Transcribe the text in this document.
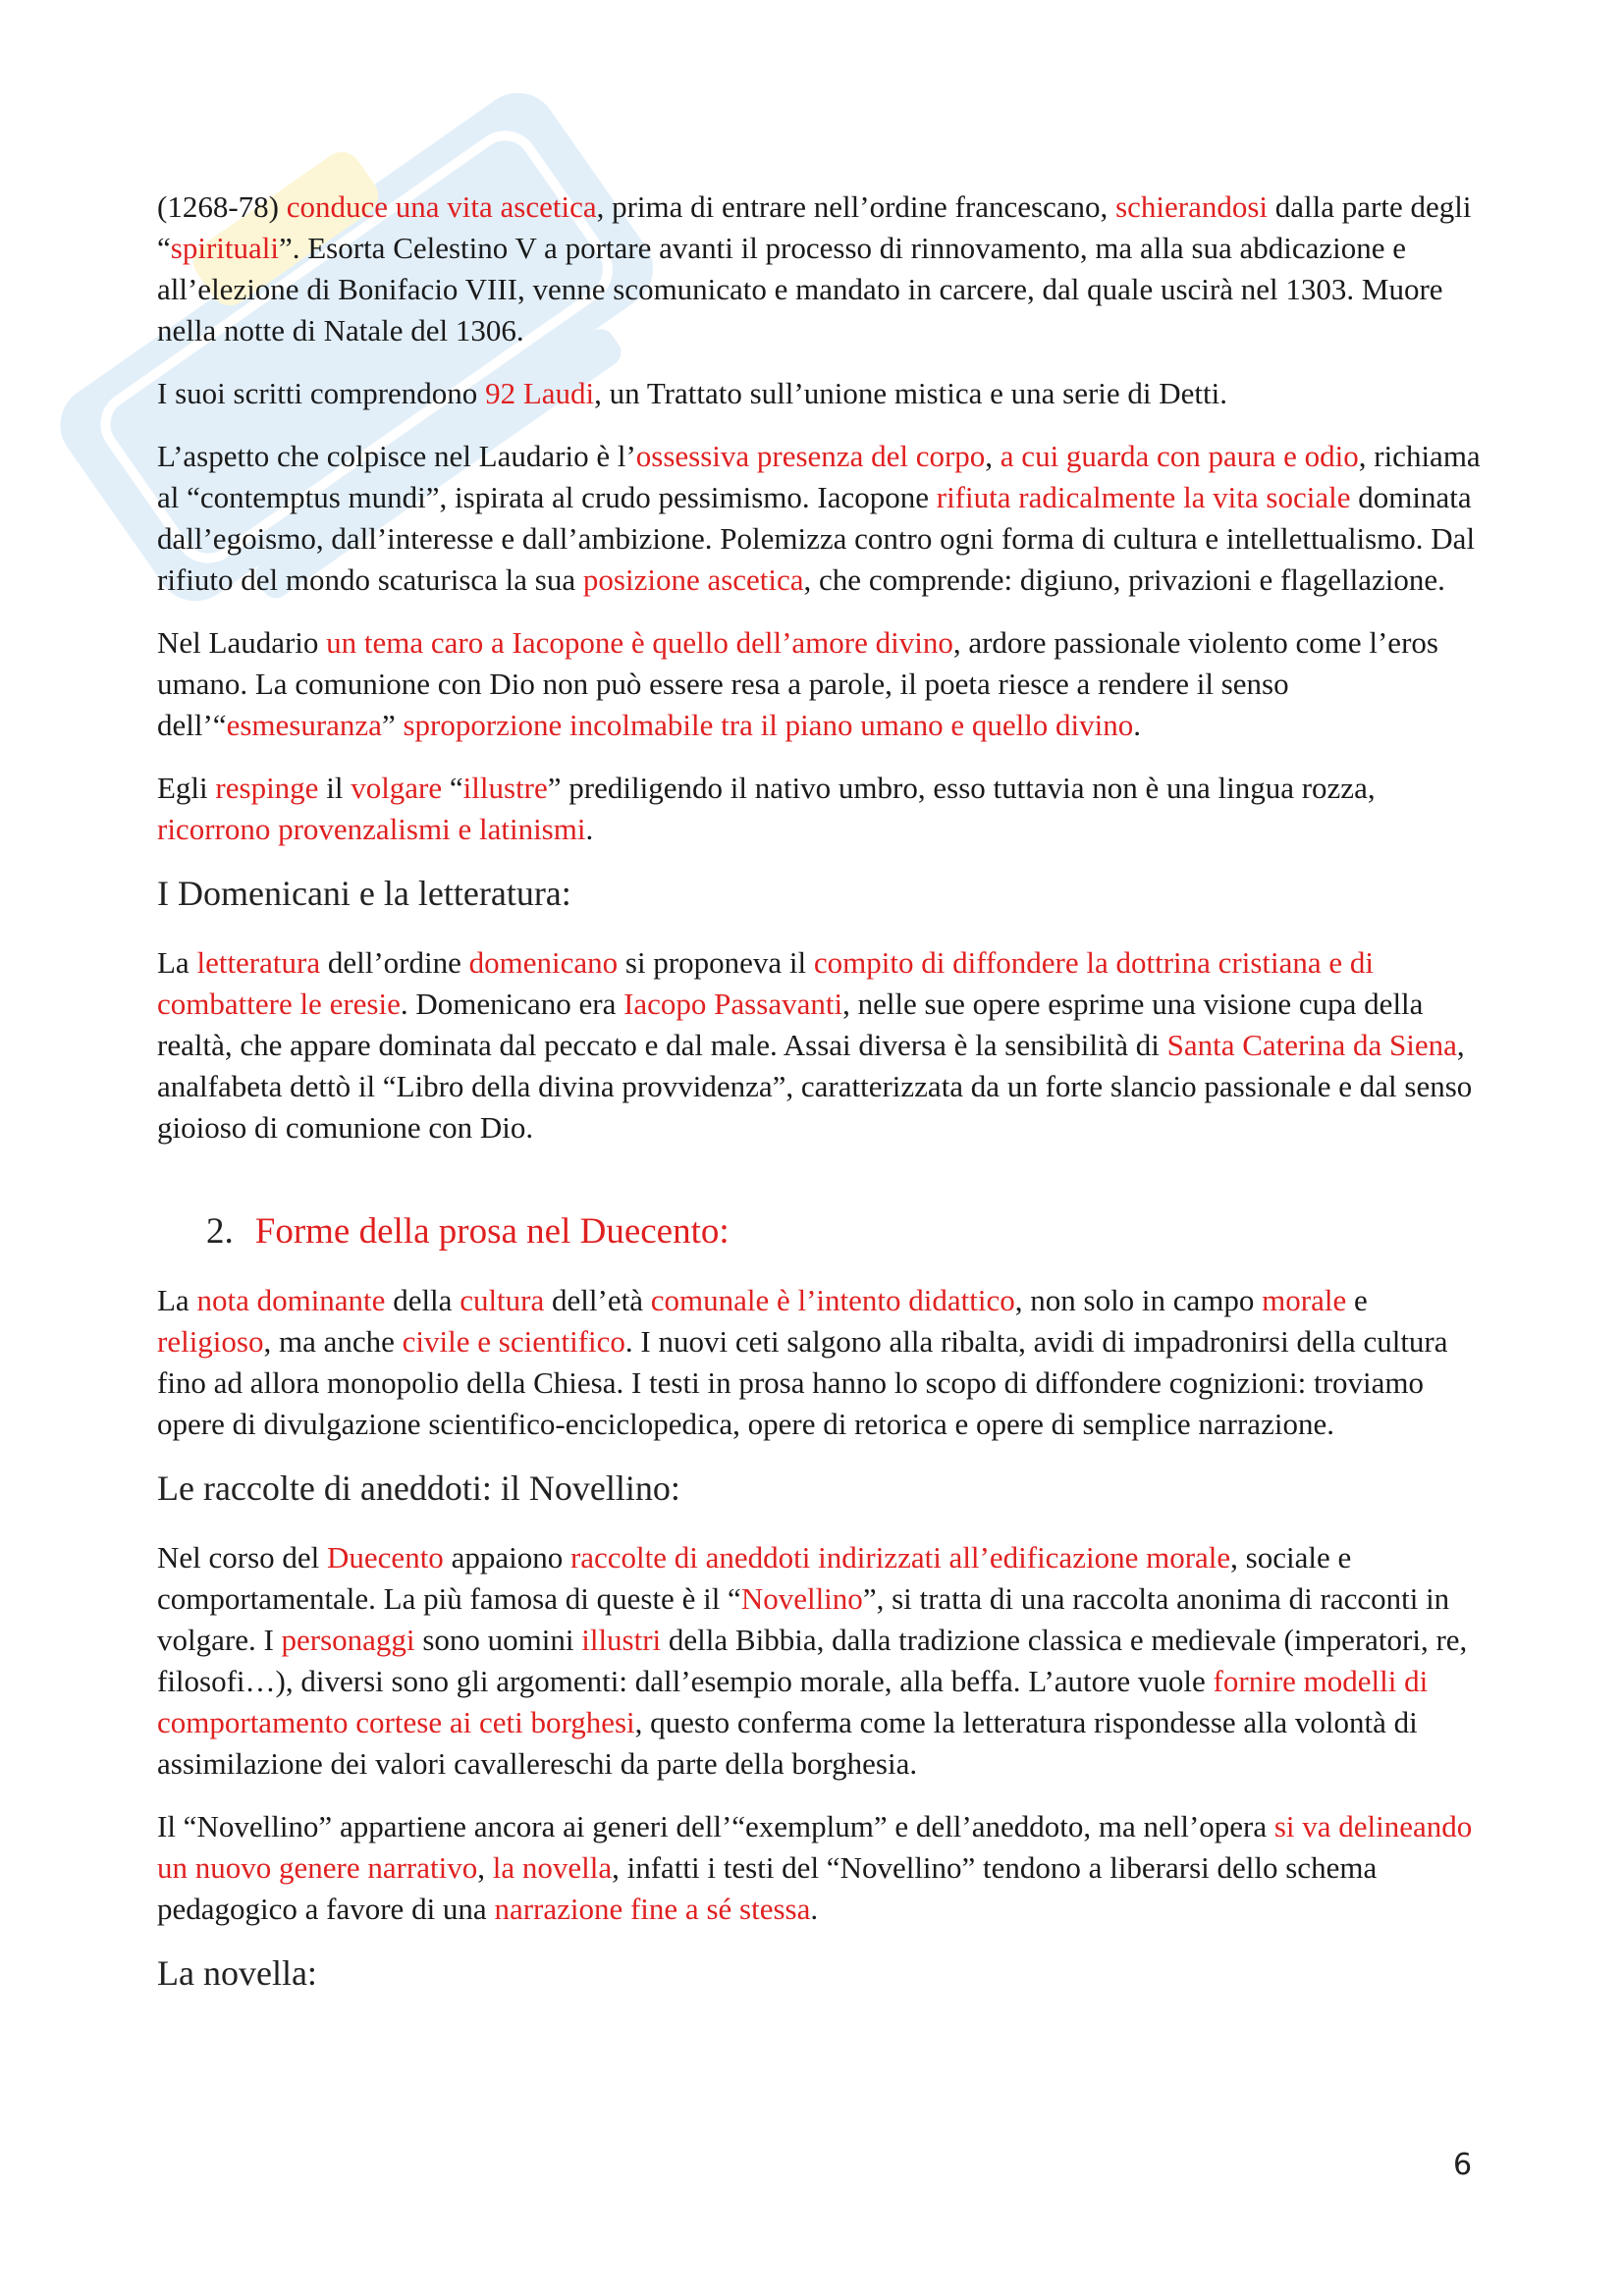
(1268-78) conduce una vita ascetica, prima di entrare nell’ordine francescano, schierandosi dalla parte degli “spirituali”. Esorta Celestino V a portare avanti il processo di rinnovamento, ma alla sua abdicazione e all’elezione di Bonifacio VIII, venne scomunicato e mandato in carcere, dal quale uscirà nel 1303. Muore nella notte di Natale del 1306.

I suoi scritti comprendono 92 Laudi, un Trattato sull’unione mistica e una serie di Detti.

L’aspetto che colpisce nel Laudario è l’ossessiva presenza del corpo, a cui guarda con paura e odio, richiama al “contemptus mundi”, ispirata al crudo pessimismo. Iacopone rifiuta radicalmente la vita sociale dominata dall’egoismo, dall’interesse e dall’ambizione. Polemizza contro ogni forma di cultura e intellettualismo. Dal rifiuto del mondo scaturisca la sua posizione ascetica, che comprende: digiuno, privazioni e flagellazione.

Nel Laudario un tema caro a Iacopone è quello dell’amore divino, ardore passionale violento come l’eros umano. La comunione con Dio non può essere resa a parole, il poeta riesce a rendere il senso dell’“esmesuranza” sproporzione incolmabile tra il piano umano e quello divino.

Egli respinge il volgare “illustre” prediligendo il nativo umbro, esso tuttavia non è una lingua rozza, ricorrono provenzalismi e latinismi.

I Domenicani e la letteratura:

La letteratura dell’ordine domenicano si proponeva il compito di diffondere la dottrina cristiana e di combattere le eresie. Domenicano era Iacopo Passavanti, nelle sue opere esprime una visione cupa della realtà, che appare dominata dal peccato e dal male. Assai diversa è la sensibilità di Santa Caterina da Siena, analfabeta dettò il “Libro della divina provvidenza”, caratterizzata da un forte slancio passionale e dal senso gioioso di comunione con Dio.

2. Forme della prosa nel Duecento:

La nota dominante della cultura dell’età comunale è l’intento didattico, non solo in campo morale e religioso, ma anche civile e scientifico. I nuovi ceti salgono alla ribalta, avidi di impadronirsi della cultura fino ad allora monopolio della Chiesa. I testi in prosa hanno lo scopo di diffondere cognizioni: troviamo opere di divulgazione scientifico-enciclopedica, opere di retorica e opere di semplice narrazione.

Le raccolte di aneddoti: il Novellino:

Nel corso del Duecento appaiono raccolte di aneddoti indirizzati all’edificazione morale, sociale e comportamentale. La più famosa di queste è il “Novellino”, si tratta di una raccolta anonima di racconti in volgare. I personaggi sono uomini illustri della Bibbia, dalla tradizione classica e medievale (imperatori, re, filosofi…), diversi sono gli argomenti: dall’esempio morale, alla beffa. L’autore vuole fornire modelli di comportamento cortese ai ceti borghesi, questo conferma come la letteratura rispondesse alla volontà di assimilazione dei valori cavallereschi da parte della borghesia.

Il “Novellino” appartiene ancora ai generi dell’“exemplum” e dell’aneddoto, ma nell’opera si va delineando un nuovo genere narrativo, la novella, infatti i testi del “Novellino” tendono a liberarsi dello schema pedagogico a favore di una narrazione fine a sé stessa.

La novella:
6
